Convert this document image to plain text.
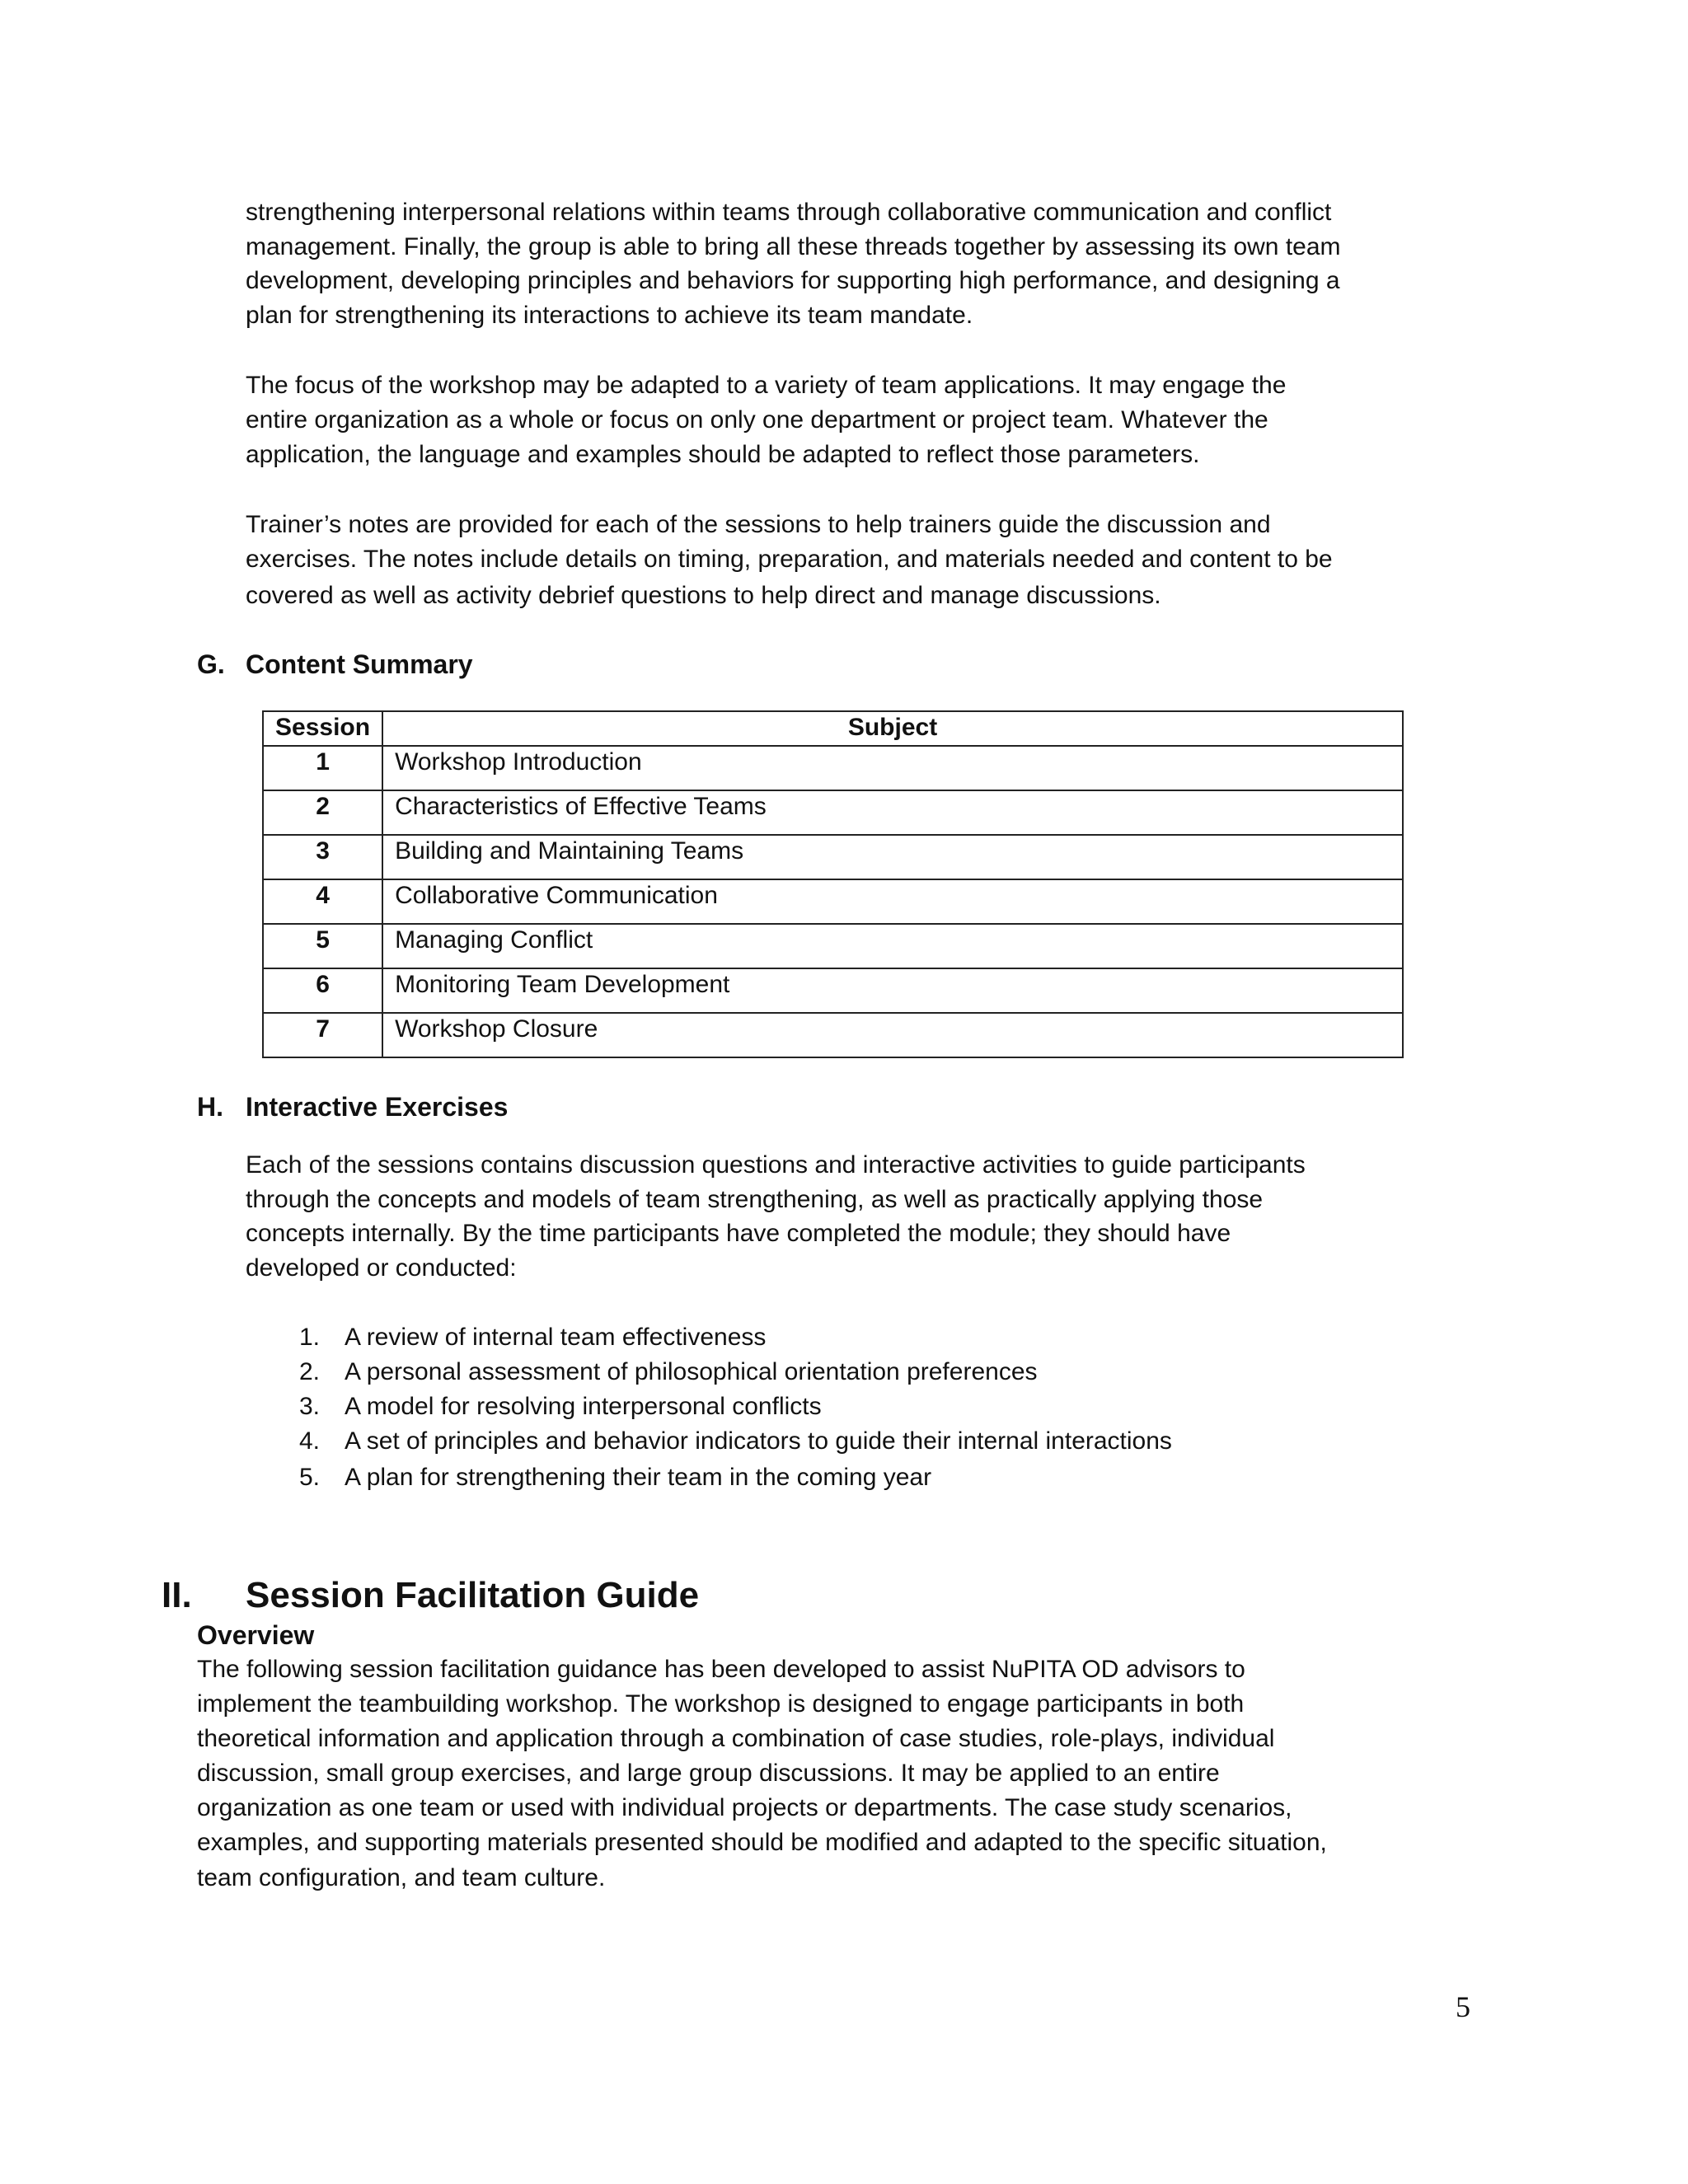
strengthening interpersonal relations within teams through collaborative communication and conflict
management. Finally, the group is able to bring all these threads together by assessing its own team
development, developing principles and behaviors for supporting high performance, and designing a
plan for strengthening its interactions to achieve its team mandate.
The focus of the workshop may be adapted to a variety of team applications. It may engage the
entire organization as a whole or focus on only one department or project team. Whatever the
application, the language and examples should be adapted to reflect those parameters.
Trainer’s notes are provided for each of the sessions to help trainers guide the discussion and
exercises. The notes include details on timing, preparation, and materials needed and content to be
covered as well as activity debrief questions to help direct and manage discussions.
G. Content Summary
Session	Subject
1	Workshop Introduction
2	Characteristics of Effective Teams
3	Building and Maintaining Teams
4	Collaborative Communication
5	Managing Conflict
6	Monitoring Team Development
7	Workshop Closure
H. Interactive Exercises
Each of the sessions contains discussion questions and interactive activities to guide participants
through the concepts and models of team strengthening, as well as practically applying those
concepts internally. By the time participants have completed the module; they should have
developed or conducted:
1. A review of internal team effectiveness
2. A personal assessment of philosophical orientation preferences
3. A model for resolving interpersonal conflicts
4. A set of principles and behavior indicators to guide their internal interactions
5. A plan for strengthening their team in the coming year
II. Session Facilitation Guide
Overview
The following session facilitation guidance has been developed to assist NuPITA OD advisors to
implement the teambuilding workshop. The workshop is designed to engage participants in both
theoretical information and application through a combination of case studies, role-plays, individual
discussion, small group exercises, and large group discussions. It may be applied to an entire
organization as one team or used with individual projects or departments. The case study scenarios,
examples, and supporting materials presented should be modified and adapted to the specific situation,
team configuration, and team culture.
5
